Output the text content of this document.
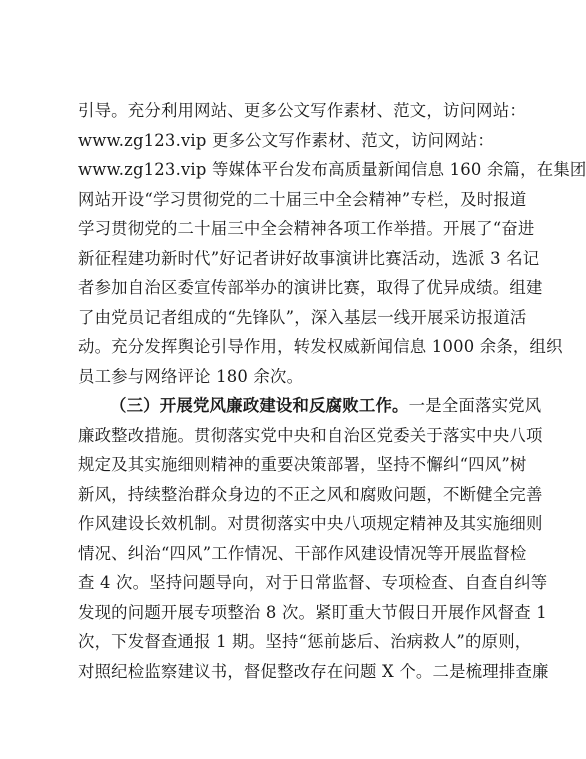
引导。充分利用网站、更多公文写作素材、范文，访问网站：
www.zg123.vip 更多公文写作素材、范文，访问网站：
www.zg123.vip 等媒体平台发布高质量新闻信息 160 余篇，在集团
网站开设“学习贯彻党的二十届三中全会精神”专栏，及时报道
学习贯彻党的二十届三中全会精神各项工作举措。开展了“奋进
新征程建功新时代”好记者讲好故事演讲比赛活动，选派 3 名记
者参加自治区委宣传部举办的演讲比赛，取得了优异成绩。组建
了由党员记者组成的“先锋队”，深入基层一线开展采访报道活
动。充分发挥舆论引导作用，转发权威新闻信息 1000 余条，组织
员工参与网络评论 180 余次。
（三）开展党风廉政建设和反腐败工作。一是全面落实党风
廉政整改措施。贯彻落实党中央和自治区党委关于落实中央八项
规定及其实施细则精神的重要决策部署，坚持不懈纠“四风”树
新风，持续整治群众身边的不正之风和腐败问题，不断健全完善
作风建设长效机制。对贯彻落实中央八项规定精神及其实施细则
情况、纠治“四风”工作情况、干部作风建设情况等开展监督检
查 4 次。坚持问题导向，对于日常监督、专项检查、自查自纠等
发现的问题开展专项整治 8 次。紧盯重大节假日开展作风督查 1
次，下发督查通报 1 期。坚持“惩前毖后、治病救人”的原则，
对照纪检监察建议书，督促整改存在问题 X 个。二是梳理排查廉
